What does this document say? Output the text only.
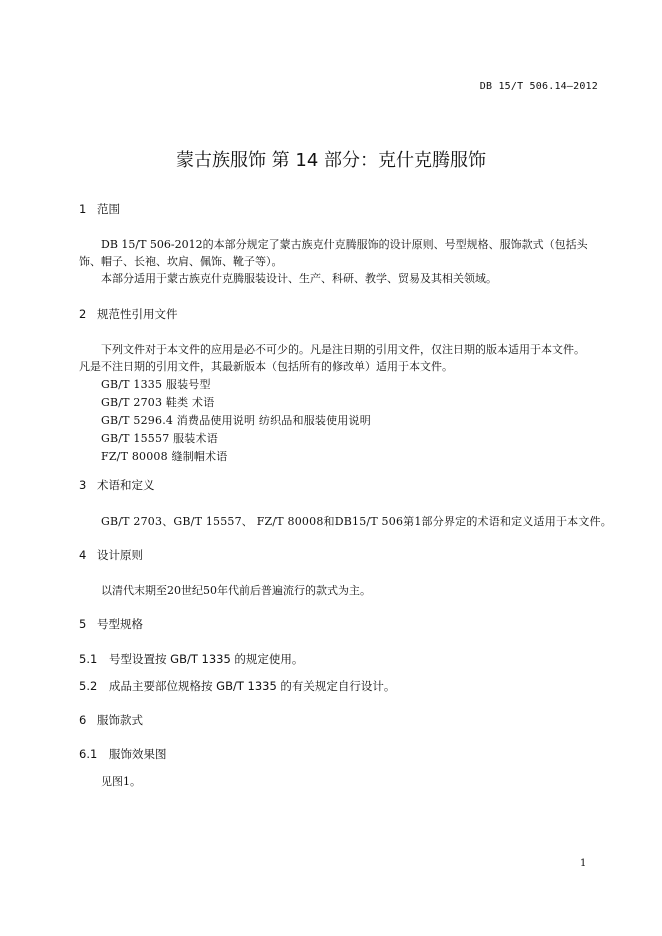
DB 15/T 506.14—2012
蒙古族服饰 第 14 部分：克什克腾服饰
1 范围
DB 15/T 506-2012的本部分规定了蒙古族克什克腾服饰的设计原则、号型规格、服饰款式（包括头
饰、帽子、长袍、坎肩、佩饰、靴子等）。
本部分适用于蒙古族克什克腾服装设计、生产、科研、教学、贸易及其相关领域。
2 规范性引用文件
下列文件对于本文件的应用是必不可少的。凡是注日期的引用文件，仅注日期的版本适用于本文件。
凡是不注日期的引用文件，其最新版本（包括所有的修改单）适用于本文件。
GB/T 1335 服装号型
GB/T 2703 鞋类 术语
GB/T 5296.4 消费品使用说明 纺织品和服装使用说明
GB/T 15557 服装术语
FZ/T 80008 缝制帽术语
3 术语和定义
GB/T 2703、GB/T 15557、 FZ/T 80008和DB15/T 506第1部分界定的术语和定义适用于本文件。
4 设计原则
以清代末期至20世纪50年代前后普遍流行的款式为主。
5 号型规格
5.1 号型设置按 GB/T 1335 的规定使用。
5.2 成品主要部位规格按 GB/T 1335 的有关规定自行设计。
6 服饰款式
6.1 服饰效果图
见图1。
1
